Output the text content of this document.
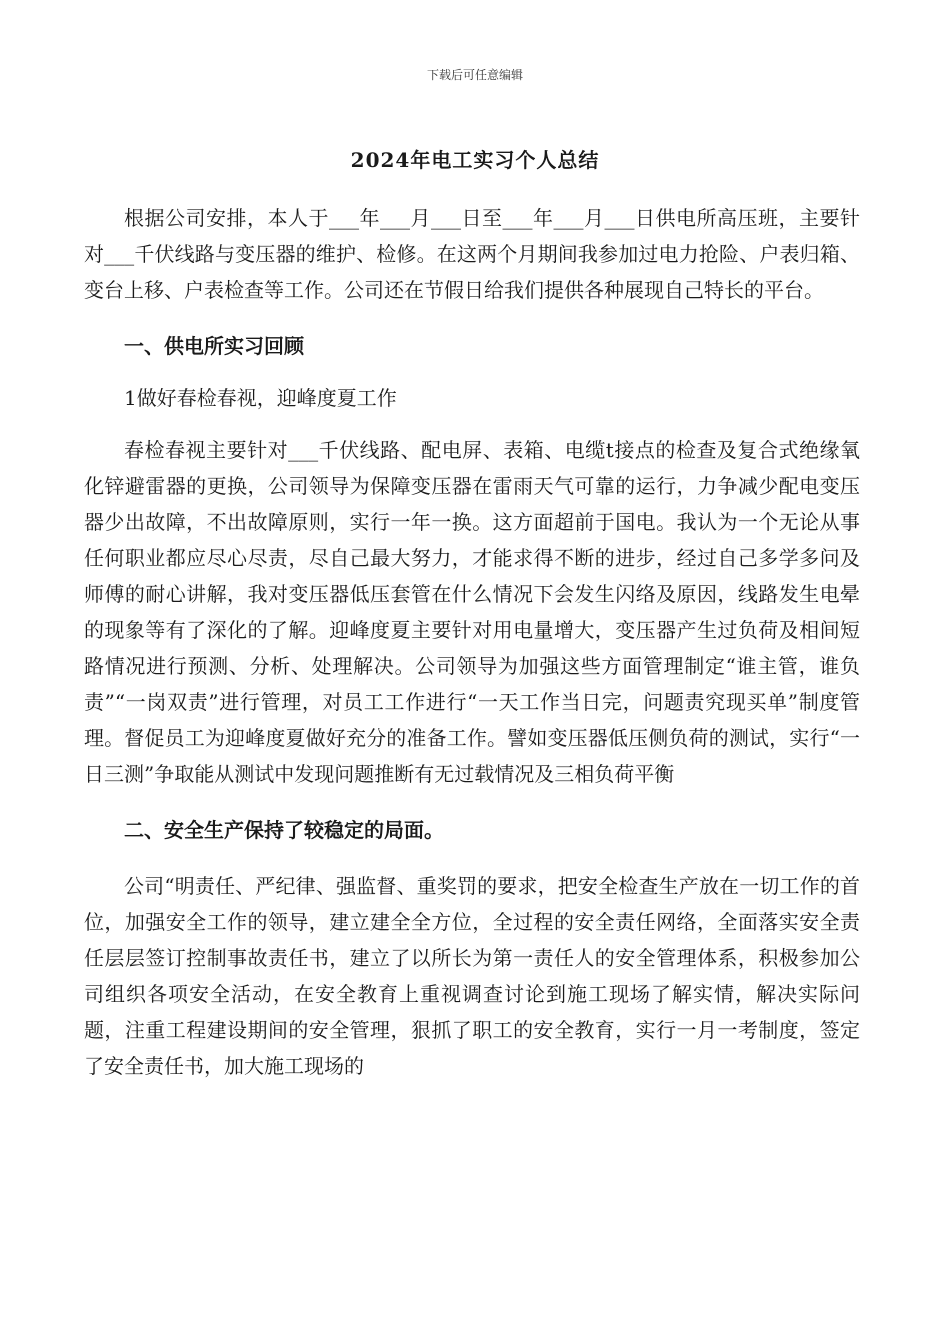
下载后可任意编辑
2024年电工实习个人总结

根据公司安排，本人于___年___月___日至___年___月___日供电所高压班，主要针对___千伏线路与变压器的维护、检修。在这两个月期间我参加过电力抢险、户表归箱、变台上移、户表检查等工作。公司还在节假日给我们提供各种展现自己特长的平台。

一、供电所实习回顾

1做好春检春视，迎峰度夏工作

春检春视主要针对___千伏线路、配电屏、表箱、电缆t接点的检查及复合式绝缘氧化锌避雷器的更换，公司领导为保障变压器在雷雨天气可靠的运行，力争减少配电变压器少出故障，不出故障原则，实行一年一换。这方面超前于国电。我认为一个无论从事任何职业都应尽心尽责，尽自己最大努力，才能求得不断的进步，经过自己多学多问及师傅的耐心讲解，我对变压器低压套管在什么情况下会发生闪络及原因，线路发生电晕的现象等有了深化的了解。迎峰度夏主要针对用电量增大，变压器产生过负荷及相间短路情况进行预测、分析、处理解决。公司领导为加强这些方面管理制定“谁主管，谁负责”“一岗双责”进行管理，对员工工作进行“一天工作当日完，问题责究现买单”制度管理。督促员工为迎峰度夏做好充分的准备工作。譬如变压器低压侧负荷的测试，实行“一日三测”争取能从测试中发现问题推断有无过载情况及三相负荷平衡

二、安全生产保持了较稳定的局面。

公司“明责任、严纪律、强监督、重奖罚的要求，把安全检查生产放在一切工作的首位，加强安全工作的领导，建立建全全方位，全过程的安全责任网络，全面落实安全责任层层签订控制事故责任书，建立了以所长为第一责任人的安全管理体系，积极参加公司组织各项安全活动，在安全教育上重视调查讨论到施工现场了解实情，解决实际问题，注重工程建设期间的安全管理，狠抓了职工的安全教育，实行一月一考制度，签定了安全责任书，加大施工现场的
